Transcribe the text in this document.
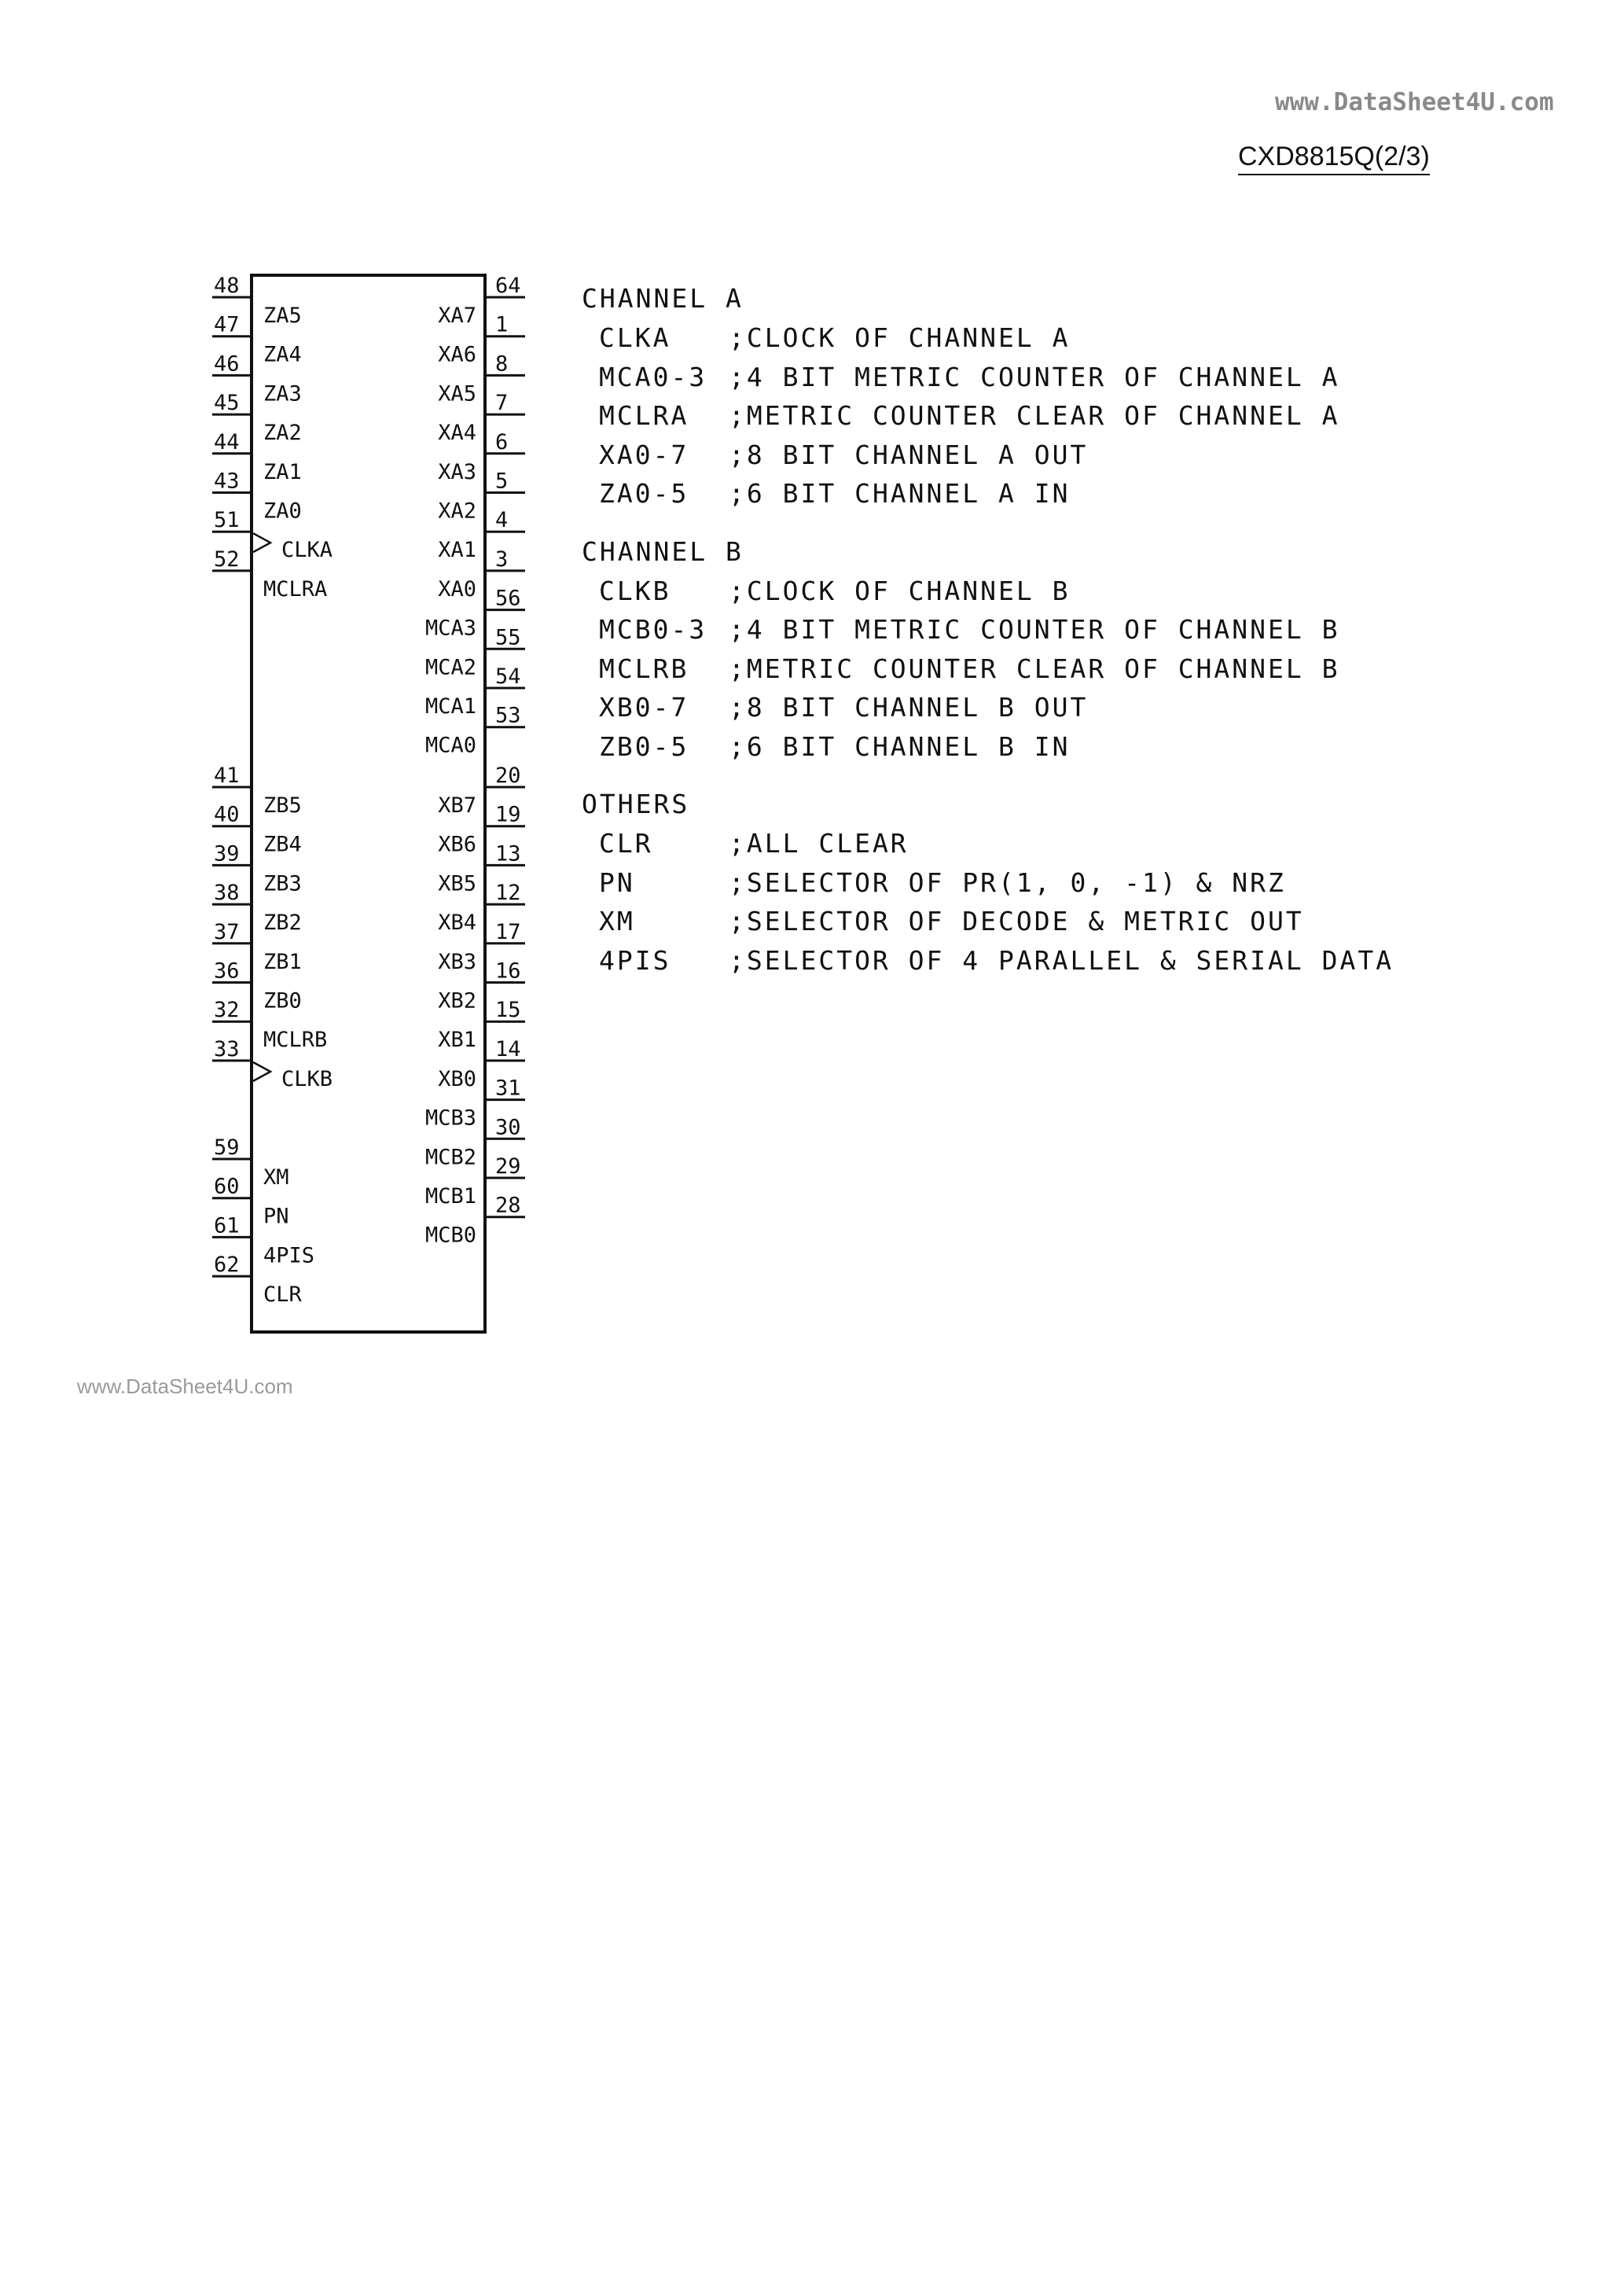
www.DataSheet4U.com
CXD8815Q(2/3)
48
ZA5
47
ZA4
46
ZA3
45
ZA2
44
ZA1
43
ZA0
51
CLKA
52
MCLRA
41
ZB5
40
ZB4
39
ZB3
38
ZB2
37
ZB1
36
ZB0
32
MCLRB
33
CLKB
59
XM
60
PN
61
4PIS
62
CLR
64
XA7 1
XA6 8
XA5 7
XA4 6
XA3 5
XA2 4
XA1 3
XA0 56
MCA3 55
MCA2 54
MCA1 53
MCA0
20
XB7 19
XB6 13
XB5 12
XB4 17
XB3 16
XB2 15
XB1 14
XB0 31
MCB3 30
MCB2 29
MCB1 28
MCB0
CHANNEL A
CLKA	;CLOCK OF CHANNEL A
MCA0-3 ;4 BIT METRIC COUNTER OF CHANNEL A
MCLRA	;METRIC COUNTER CLEAR OF CHANNEL A
XA0-7	;8 BIT CHANNEL A OUT
ZA0-5	;6 BIT CHANNEL A IN
CHANNEL B
CLKB	;CLOCK OF CHANNEL B
MCB0-3 ;4 BIT METRIC COUNTER OF CHANNEL B
MCLRB	;METRIC COUNTER CLEAR OF CHANNEL B
XB0-7	;8 BIT CHANNEL B OUT
ZB0-5	;6 BIT CHANNEL B IN
OTHERS
CLR	;ALL CLEAR
PN	;SELECTOR OF PR(1, 0, -1) & NRZ
XM	;SELECTOR OF DECODE & METRIC OUT
4PIS	;SELECTOR OF 4 PARALLEL & SERIAL DATA
www.DataSheet4U.com
